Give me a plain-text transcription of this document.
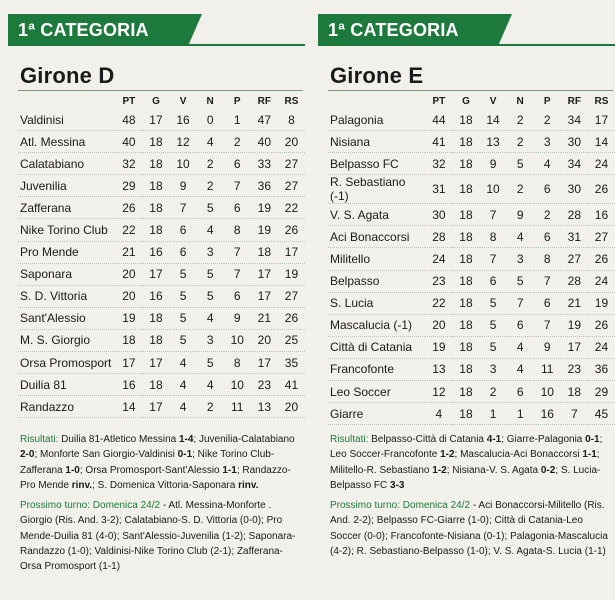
1ª CATEGORIA
Girone D
	PT	G	V	N	P	RF	RS
Valdinisi	48	17	16	0	1	47	8
Atl. Messina	40	18	12	4	2	40	20
Calatabiano	32	18	10	2	6	33	27
Juvenilia	29	18	9	2	7	36	27
Zafferana	26	18	7	5	6	19	22
Nike Torino Club	22	18	6	4	8	19	26
Pro Mende	21	16	6	3	7	18	17
Saponara	20	17	5	5	7	17	19
S. D. Vittoria	20	16	5	5	6	17	27
Sant'Alessio	19	18	5	4	9	21	26
M. S. Giorgio	18	18	5	3	10	20	25
Orsa Promosport	17	17	4	5	8	17	35
Duilia 81	16	18	4	4	10	23	41
Randazzo	14	17	4	2	11	13	20
Risultati: Duilia 81-Atletico Messina 1-4; Juvenilia-Calatabiano 2-0; Monforte San Giorgio-Valdinisi 0-1; Nike Torino Club-Zafferana 1-0; Orsa Promosport-Sant'Alessio 1-1; Randazzo-Pro Mende rinv.; S. Domenica Vittoria-Saponara rinv.
Prossimo turno: Domenica 24/2 - Atl. Messina-Monforte . Giorgio (Ris. And. 3-2); Calatabiano-S. D. Vittoria (0-0); Pro Mende-Duilia 81 (4-0); Sant'Alessio-Juvenilia (1-2); Saponara-Randazzo (1-0); Valdinisi-Nike Torino Club (2-1); Zafferana-Orsa Promosport (1-1)
1ª CATEGORIA
Girone E
	PT	G	V	N	P	RF	RS
Palagonia	44	18	14	2	2	34	17
Nisiana	41	18	13	2	3	30	14
Belpasso FC	32	18	9	5	4	34	24
R. Sebastiano (-1)	31	18	10	2	6	30	26
V. S. Agata	30	18	7	9	2	28	16
Aci Bonaccorsi	28	18	8	4	6	31	27
Militello	24	18	7	3	8	27	26
Belpasso	23	18	6	5	7	28	24
S. Lucia	22	18	5	7	6	21	19
Mascalucia (-1)	20	18	5	6	7	19	26
Città di Catania	19	18	5	4	9	17	24
Francofonte	13	18	3	4	11	23	36
Leo Soccer	12	18	2	6	10	18	29
Giarre	4	18	1	1	16	7	45
Risultati: Belpasso-Città di Catania 4-1; Giarre-Palagonia 0-1; Leo Soccer-Francofonte 1-2; Mascalucia-Aci Bonaccorsi 1-1; Militello-R. Sebastiano 1-2; Nisiana-V. S. Agata 0-2; S. Lucia-Belpasso FC 3-3
Prossimo turno: Domenica 24/2 - Aci Bonaccorsi-Militello (Ris. And. 2-2); Belpasso FC-Giarre (1-0); Città di Catania-Leo Soccer (0-0); Francofonte-Nisiana (0-1); Palagonia-Mascalucia (4-2); R. Sebastiano-Belpasso (1-0); V. S. Agata-S. Lucia (1-1)
